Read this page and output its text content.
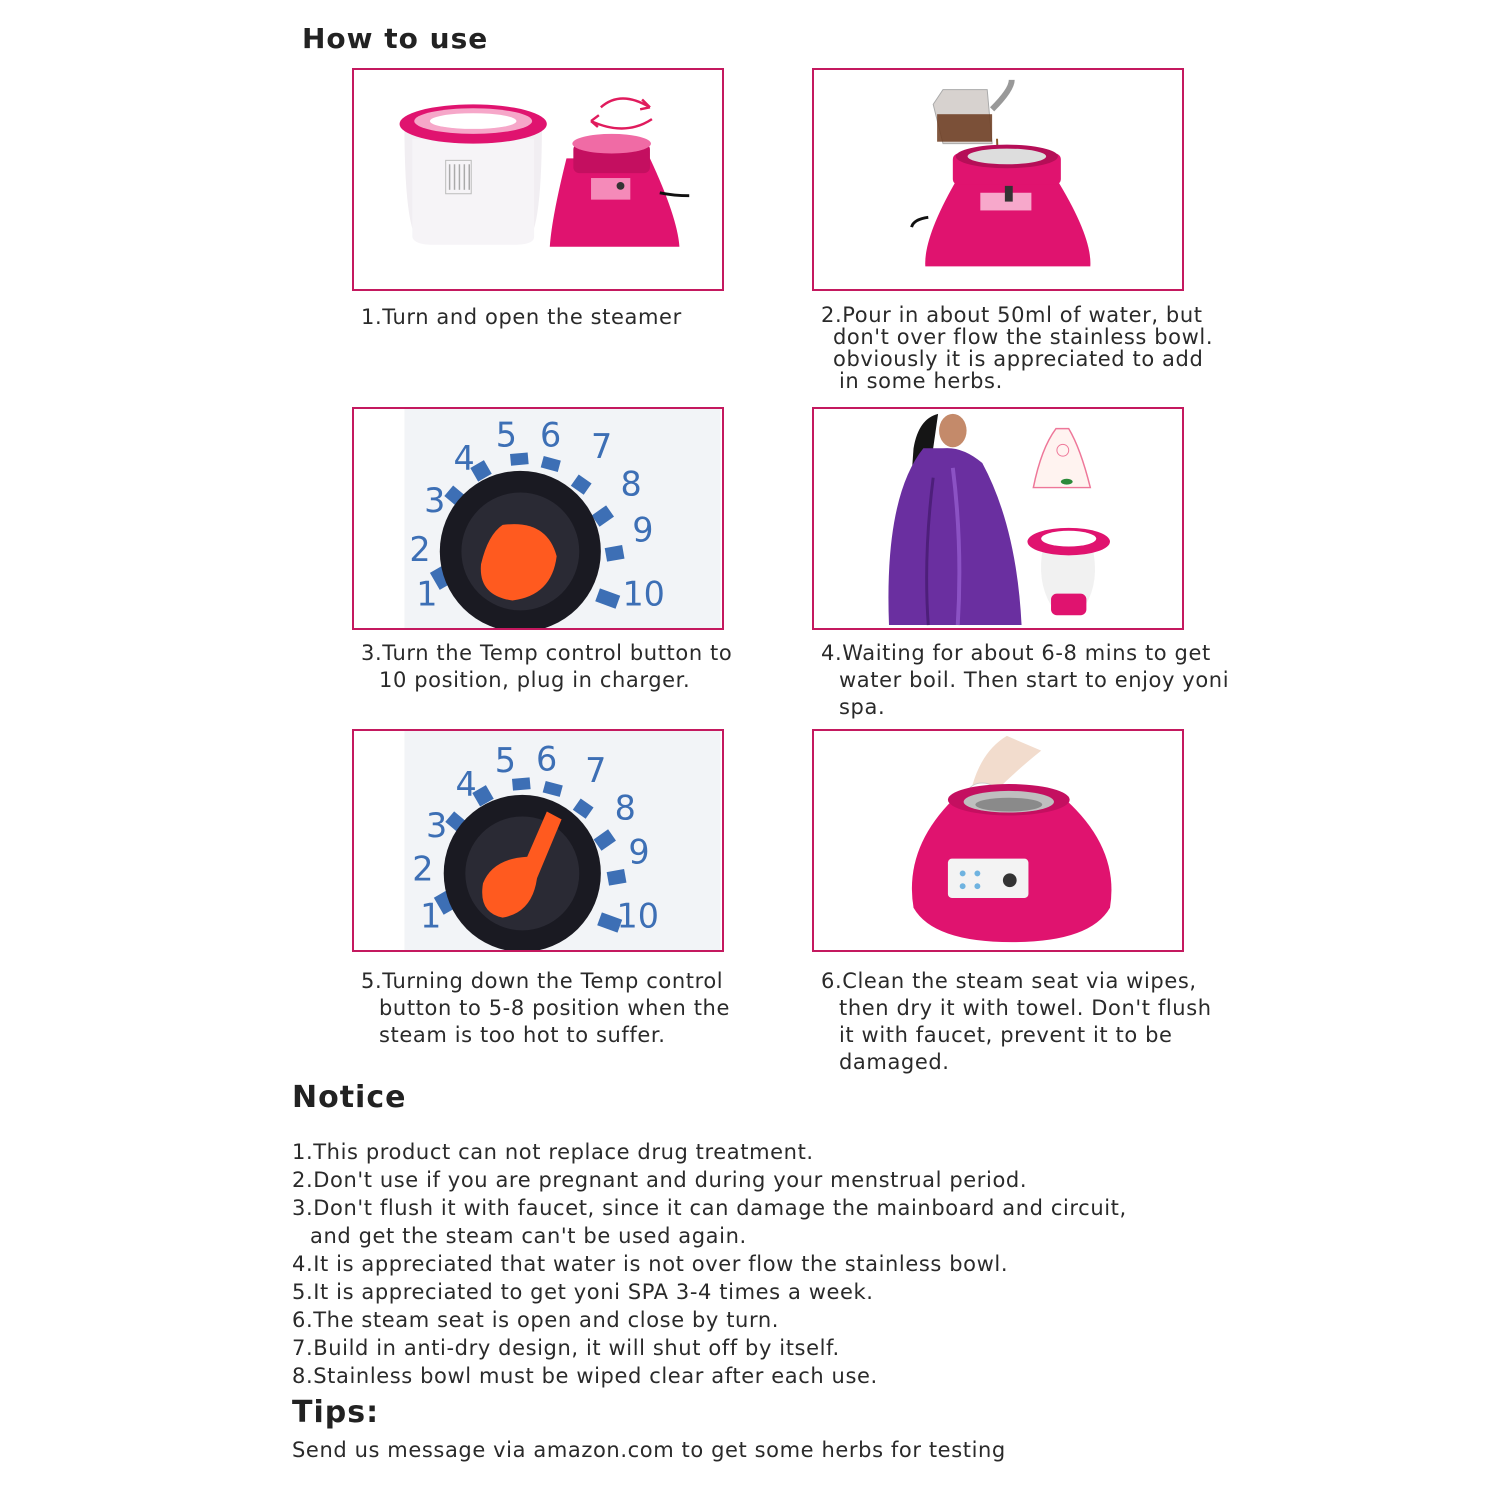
How to use
1
2
3
4
5 6 7
8
9
10
1
2
3
4
5 6 7
8
9
10
1.Turn and open the steamer	2.Pour in about 50ml of water, but
don't over flow the stainless bowl.
obviously it is appreciated to add
in some herbs.
3.Turn the Temp control button to
10 position, plug in charger.
4.Waiting for about 6-8 mins to get
water boil. Then start to enjoy yoni
spa.
5.Turning down the Temp control
button to 5-8 position when the
steam is too hot to suffer.
6.Clean the steam seat via wipes,
then dry it with towel. Don't flush
it with faucet, prevent it to be
damaged.
Notice
1.This product can not replace drug treatment.
2.Don't use if you are pregnant and during your menstrual period.
3.Don't flush it with faucet, since it can damage the mainboard and circuit,
and get the steam can't be used again.
4.It is appreciated that water is not over flow the stainless bowl.
5.It is appreciated to get yoni SPA 3-4 times a week.
6.The steam seat is open and close by turn.
7.Build in anti-dry design, it will shut off by itself.
8.Stainless bowl must be wiped clear after each use.
Tips:
Send us message via amazon.com to get some herbs for testing
